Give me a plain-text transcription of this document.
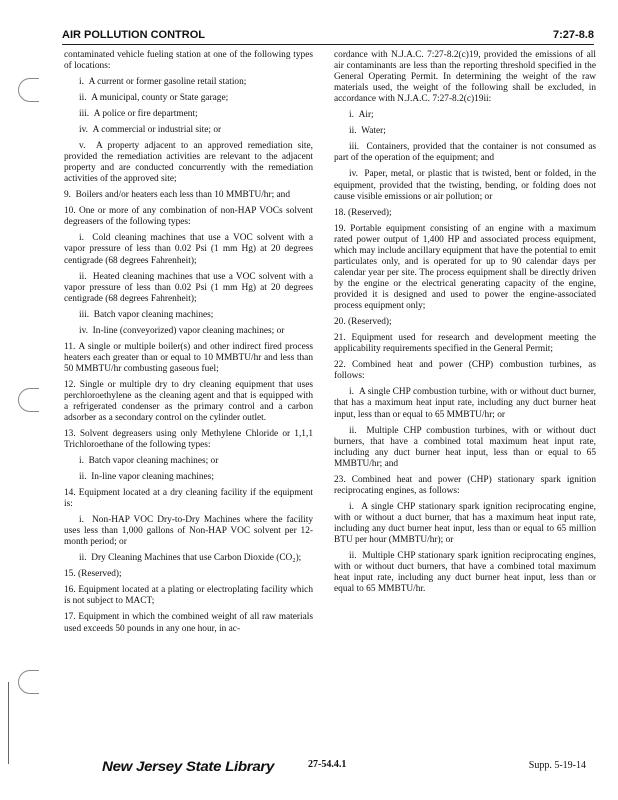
AIR POLLUTION CONTROL	7:27-8.8

contaminated vehicle fueling station at one of the following types of locations:

i.  A current or former gasoline retail station;

ii.  A municipal, county or State garage;

iii.  A police or fire department;

iv.  A commercial or industrial site; or

v.  A property adjacent to an approved remediation site, provided the remediation activities are relevant to the adjacent property and are conducted concurrently with the remediation activities of the approved site;

9.  Boilers and/or heaters each less than 10 MMBTU/hr; and

10. One or more of any combination of non-HAP VOCs solvent degreasers of the following types:

i.  Cold cleaning machines that use a VOC solvent with a vapor pressure of less than 0.02 Psi (1 mm Hg) at 20 degrees centigrade (68 degrees Fahrenheit);

ii.  Heated cleaning machines that use a VOC solvent with a vapor pressure of less than 0.02 Psi (1 mm Hg) at 20 degrees centigrade (68 degrees Fahrenheit);

iii.  Batch vapor cleaning machines;

iv.  In-line (conveyorized) vapor cleaning machines; or

11. A single or multiple boiler(s) and other indirect fired process heaters each greater than or equal to 10 MMBTU/hr and less than 50 MMBTU/hr combusting gaseous fuel;

12. Single or multiple dry to dry cleaning equipment that uses perchloroethylene as the cleaning agent and that is equipped with a refrigerated condenser as the primary control and a carbon adsorber as a secondary control on the cylinder outlet.

13. Solvent degreasers using only Methylene Chloride or 1,1,1 Trichloroethane of the following types:

i.  Batch vapor cleaning machines; or

ii.  In-line vapor cleaning machines;

14. Equipment located at a dry cleaning facility if the equipment is:

i.  Non-HAP VOC Dry-to-Dry Machines where the facility uses less than 1,000 gallons of Non-HAP VOC solvent per 12-month period; or

ii.  Dry Cleaning Machines that use Carbon Dioxide (CO₂);

15. (Reserved);

16. Equipment located at a plating or electroplating facility which is not subject to MACT;

17. Equipment in which the combined weight of all raw materials used exceeds 50 pounds in any one hour, in ac-

cordance with N.J.A.C. 7:27-8.2(c)19, provided the emissions of all air contaminants are less than the reporting threshold specified in the General Operating Permit. In determining the weight of the raw materials used, the weight of the following shall be excluded, in accordance with N.J.A.C. 7:27-8.2(c)19ii:

i.  Air;

ii.  Water;

iii.  Containers, provided that the container is not consumed as part of the operation of the equipment; and

iv.  Paper, metal, or plastic that is twisted, bent or folded, in the equipment, provided that the twisting, bending, or folding does not cause visible emissions or air pollution; or

18. (Reserved);

19. Portable equipment consisting of an engine with a maximum rated power output of 1,400 HP and associated process equipment, which may include ancillary equipment that have the potential to emit particulates only, and is operated for up to 90 calendar days per calendar year per site. The process equipment shall be directly driven by the engine or the electrical generating capacity of the engine, provided it is designed and used to power the engine-associated process equipment only;

20. (Reserved);

21. Equipment used for research and development meeting the applicability requirements specified in the General Permit;

22. Combined heat and power (CHP) combustion turbines, as follows:

i.  A single CHP combustion turbine, with or without duct burner, that has a maximum heat input rate, including any duct burner heat input, less than or equal to 65 MMBTU/hr; or

ii.  Multiple CHP combustion turbines, with or without duct burners, that have a combined total maximum heat input rate, including any duct burner heat input, less than or equal to 65 MMBTU/hr; and

23. Combined heat and power (CHP) stationary spark ignition reciprocating engines, as follows:

i.  A single CHP stationary spark ignition reciprocating engine, with or without a duct burner, that has a maximum heat input rate, including any duct burner heat input, less than or equal to 65 million BTU per hour (MMBTU/hr); or

ii.  Multiple CHP stationary spark ignition reciprocating engines, with or without duct burners, that have a combined total maximum heat input rate, including any duct burner heat input, less than or equal to 65 MMBTU/hr.

New Jersey State Library	27-54.4.1	Supp. 5-19-14
